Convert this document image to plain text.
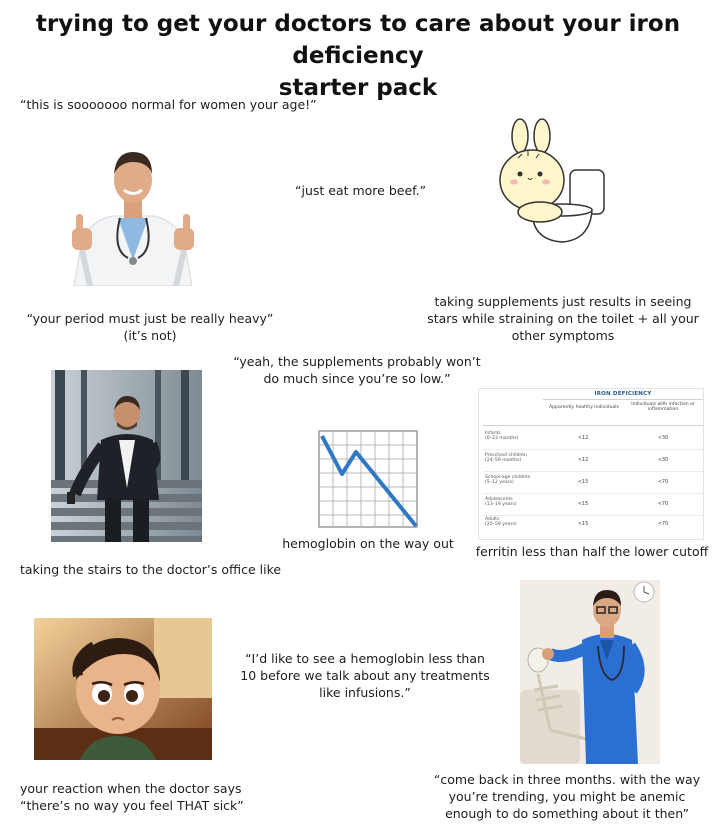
trying to get your doctors to care about your iron deficiency
starter pack
“this is sooooooo normal for women your age!”
“just eat more beef.”
“your period must just be really heavy” (it’s not)
taking supplements just results in seeing stars while straining on the toilet + all your other symptoms
“yeah, the supplements probably won’t do much since you’re so low.”
IRON DEFICIENCY
Apparently healthy individuals
Individuals with infection or inflammation
Infants
(0–23 months)	<12	<30
Preschool children
(24–59 months)	<12	<30
School-age children
(5–12 years)	<15	<70
Adolescents
(13–19 years)	<15	<70
Adults
(20–59 years)	<15	<70
hemoglobin on the way out
ferritin less than half the lower cutoff
taking the stairs to the doctor’s office like
“I’d like to see a hemoglobin less than 10 before we talk about any treatments like infusions.”
your reaction when the doctor says “there’s no way you feel THAT sick”
“come back in three months. with the way you’re trending, you might be anemic enough to do something about it then”
